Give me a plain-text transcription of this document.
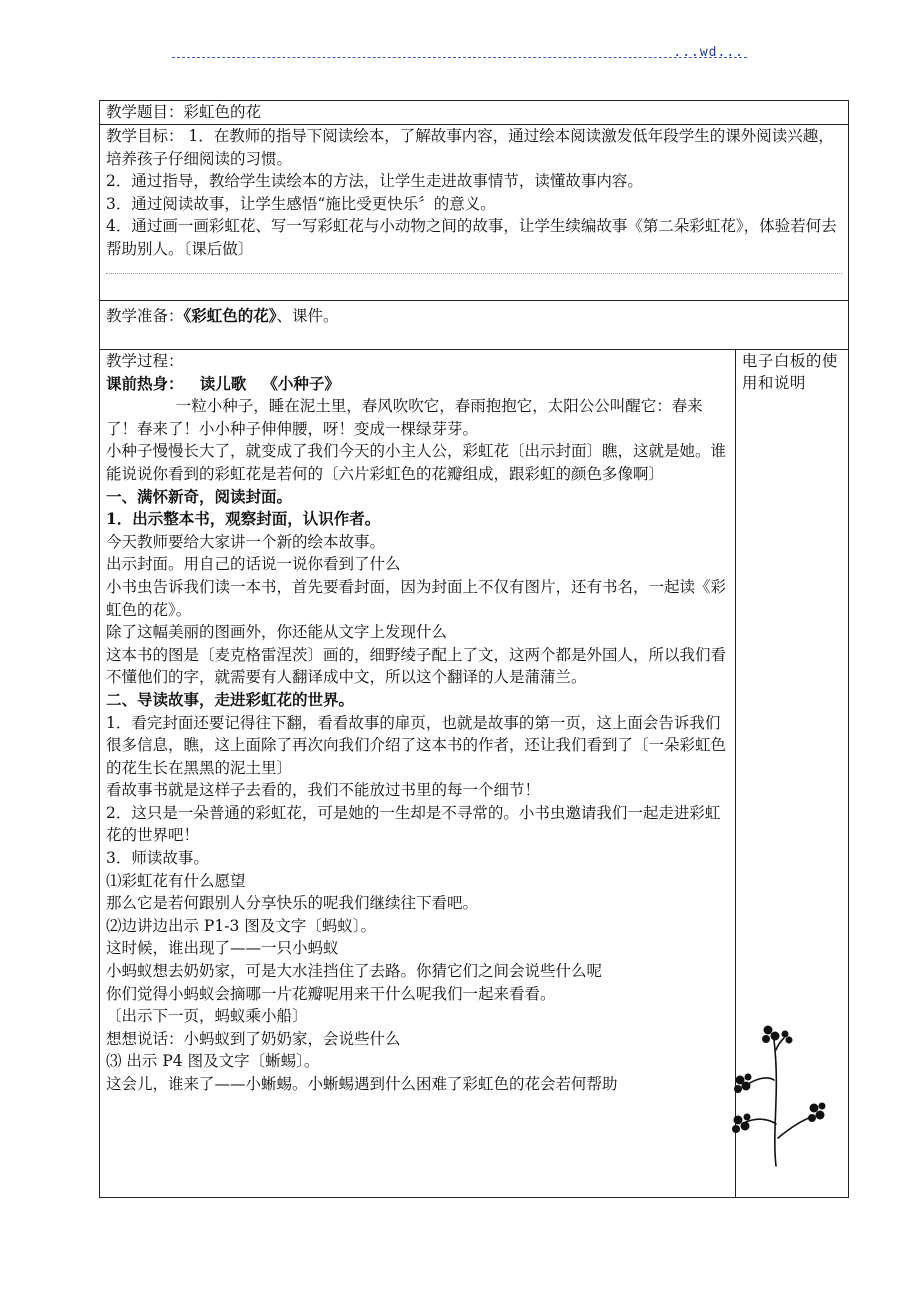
...wd...

教学题目：彩虹色的花

教学目标： 1．在教师的指导下阅读绘本，了解故事内容，通过绘本阅读激发低年段学生的课外阅读兴趣，培养孩子仔细阅读的习惯。

2．通过指导，教给学生读绘本的方法，让学生走进故事情节，读懂故事内容。

3．通过阅读故事，让学生感悟“施比受更快乐〞的意义。

4．通过画一画彩虹花、写一写彩虹花与小动物之间的故事，让学生续编故事《第二朵彩虹花》，体验若何去帮助别人。〔课后做〕

教学准备：《彩虹色的花》、课件。

教学过程：

课前热身：   读儿歌   《小种子》

一粒小种子，睡在泥土里，春风吹吹它，春雨抱抱它，太阳公公叫醒它：春来了！春来了！小小种子伸伸腰，呀！变成一棵绿芽芽。

小种子慢慢长大了，就变成了我们今天的小主人公，彩虹花〔出示封面〕瞧，这就是她。谁能说说你看到的彩虹花是若何的〔六片彩虹色的花瓣组成，跟彩虹的颜色多像啊〕

一、满怀新奇，阅读封面。

1．出示整本书，观察封面，认识作者。

今天教师要给大家讲一个新的绘本故事。

出示封面。用自己的话说一说你看到了什么

小书虫告诉我们读一本书，首先要看封面，因为封面上不仅有图片，还有书名，一起读《彩虹色的花》。

除了这幅美丽的图画外，你还能从文字上发现什么

这本书的图是〔麦克格雷涅茨〕画的，细野绫子配上了文，这两个都是外国人，所以我们看不懂他们的字，就需要有人翻译成中文，所以这个翻译的人是蒲蒲兰。

二、导读故事，走进彩虹花的世界。

1．看完封面还要记得往下翻，看看故事的扉页，也就是故事的第一页，这上面会告诉我们很多信息，瞧，这上面除了再次向我们介绍了这本书的作者，还让我们看到了〔一朵彩虹色的花生长在黑黑的泥土里〕

看故事书就是这样子去看的，我们不能放过书里的每一个细节！

2．这只是一朵普通的彩虹花，可是她的一生却是不寻常的。小书虫邀请我们一起走进彩虹花的世界吧！

3．师读故事。

⑴彩虹花有什么愿望

那么它是若何跟别人分享快乐的呢我们继续往下看吧。

⑵边讲边出示 P1-3 图及文字〔蚂蚁〕。

这时候，谁出现了——一只小蚂蚁

小蚂蚁想去奶奶家，可是大水洼挡住了去路。你猜它们之间会说些什么呢

你们觉得小蚂蚁会摘哪一片花瓣呢用来干什么呢我们一起来看看。

〔出示下一页，蚂蚁乘小船〕

想想说话：小蚂蚁到了奶奶家，会说些什么

⑶ 出示 P4 图及文字〔蜥蜴〕。

这会儿，谁来了——小蜥蜴。小蜥蜴遇到什么困难了彩虹色的花会若何帮助

电子白板的使用和说明
